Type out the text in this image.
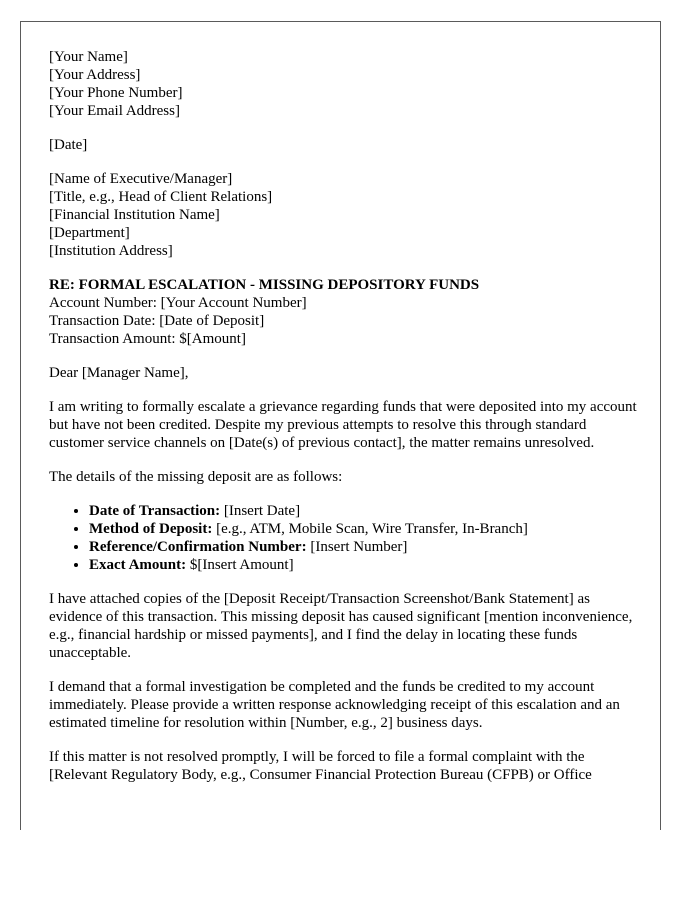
[Your Name]
[Your Address]
[Your Phone Number]
[Your Email Address]
[Date]
[Name of Executive/Manager]
[Title, e.g., Head of Client Relations]
[Financial Institution Name]
[Department]
[Institution Address]
RE: FORMAL ESCALATION - MISSING DEPOSITORY FUNDS
Account Number: [Your Account Number]
Transaction Date: [Date of Deposit]
Transaction Amount: $[Amount]

Dear [Manager Name],

I am writing to formally escalate a grievance regarding funds that were deposited into my account but have not been credited. Despite my previous attempts to resolve this through standard customer service channels on [Date(s) of previous contact], the matter remains unresolved.

The details of the missing deposit are as follows:

• Date of Transaction: [Insert Date]
• Method of Deposit: [e.g., ATM, Mobile Scan, Wire Transfer, In-Branch]
• Reference/Confirmation Number: [Insert Number]
• Exact Amount: $[Insert Amount]

I have attached copies of the [Deposit Receipt/Transaction Screenshot/Bank Statement] as evidence of this transaction. This missing deposit has caused significant [mention inconvenience, e.g., financial hardship or missed payments], and I find the delay in locating these funds unacceptable.

I demand that a formal investigation be completed and the funds be credited to my account immediately. Please provide a written response acknowledging receipt of this escalation and an estimated timeline for resolution within [Number, e.g., 2] business days.

If this matter is not resolved promptly, I will be forced to file a formal complaint with the [Relevant Regulatory Body, e.g., Consumer Financial Protection Bureau (CFPB) or Office
